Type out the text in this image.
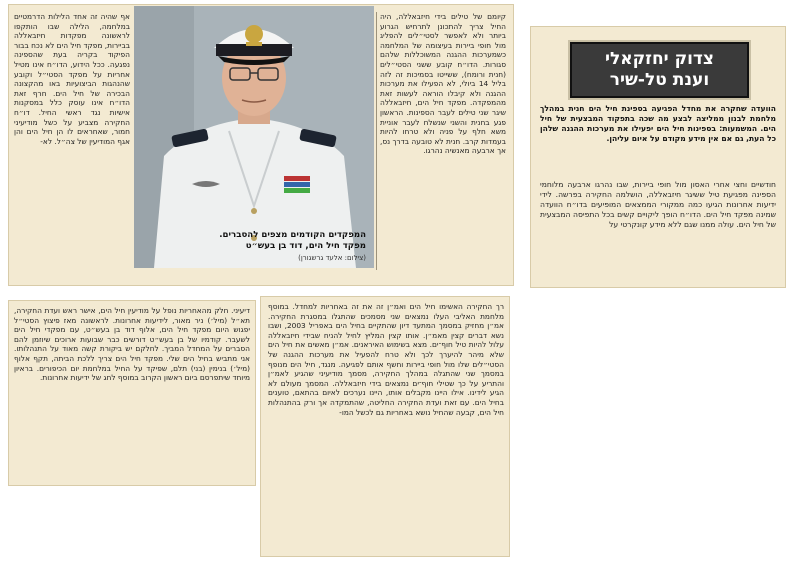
קיומם של טילים בידי חיזבאללה, היה החיל צריך להתכונן לתרחיש הגרוע ביותר ולא לאפשר לסטי״לים להפליג מול חופי ביירות בעיצומה של המלחמה כשמערכות ההגנה המשוכללות שלהם סגורות. הדו״ח קובע ששני הסטי״לים (חנית ורומח), ששייטו בסמיכות זה לזה בליל 14 ביולי, לא הפעילו את מערכות ההגנה ולא קיבלו הוראה לעשות זאת מהמפקדה. מפקד חיל הים, חיזבאללה שיגר שני טילים לעבר הספינות. הראשון פגע בחנית והשני שנשלח לעבר אוניית משא חלף על פניה ולא טרחו להיות בעמדות קרב. חנית לא טובעה בדרך נס, אך ארבעה מאנשיה נהרגו.

אף שהיה זה אחד הלילות הדרמטיים במלחמה, הלילה שבו הותקפו לראשונה מפקדות חיזבאללה בביירות, מפקד חיל הים לא נכח בבור הפיקוד בקריה בעת שהספינה נפגעה. ככל הידוע, הדו״ח אינו מטיל אחריות על מפקד הסטי״ל וקובע שהנהגות הביצועיות באו מהקצונה הבכירה של חיל הים. חרף זאת הדו״ח אינו עוסק כלל במסקנות אישיות נגד ראשי החיל. דו״ח החקירה מצביע על כשל מודיעיני חמור, שאחראים לו הן חיל הים והן אגף המודיעין של צה״ל. לא-

המפקדים הקודמים מצפים להסברים.
מפקד חיל הים, דוד בן בעש״ט
(צילום: אלעד גרשגורן)
צדוק יחזקאלי
וענת טל-שיר
הוועדה שחקרה את מחדל הפגיעה בספינת חיל הים חנית במהלך מלחמת לבנון ממליצה לבצע מה שכה בתפקוד המבצעית של חיל הים. המשמעות: בספינות חיל הים יפעילו את מערכות ההגנה שלהן כל העת, גם אם אין מידע מקודם על איום עליהן.

חודשיים וחצי אחרי האסון מול חופי ביירות, שבו נהרגו ארבעה מלוחמי הספינה מפגיעת טיל ששיגר חיזבאללה, הושלמה החקירה בפרשה. לידי ידיעות אחרונות הגיעו כמה ממקורי הממצאים המופיעים בדו״ח הוועדה שמינה מפקד חיל הים. הדו״ח הופך ליקויים קשים בכל התפיסה המבצעית של חיל הים. עולה ממנו שגם ללא מידע קונקרטי על

רך החקירה האשימו חיל הים ואמ״ן זה את זה באחריות למחדל. במוסף מלחמת האליבי העלו נמצאים שני מסמכים שהתגלו במסגרת החקירה. אמ״ן מחזיק במסמך המתעד דיון שהתקיים בחיל הים באפריל 2003, ושבו נשא דברים קצין מאמ״ן. אותו קצין המליץ לחיל להניח שבידי חיזבאללה עלול להיות טיל חוף־ים. מצא בשימוש האיראנים. אמ״ן מאשים את חיל הים שלא מיהר להיערך לכך ולא טרח להפעיל את מערכות ההגנה של הסטי״לים שלו מול חופי ביירות וחשף אותם לפגיעה. מנגד, חיל הים מנופף במסמך שני שהתגלה במהלך החקירה, מסמך מודיעיני שהגיע לאמ״ן והתריע על כך שטילי חוף־ים נמצאים בידי חיזבאללה. המסמך מעולם לא הגיע לידינו. אילו היינו מקבלים אותו, היינו נערכים לאיום בהתאם, טוענים בחיל הים. עם זאת ועדת החקירה החליטה, שהתמקדה אך ורק בהתנהלות חיל הים, קבעה שהחיל נושא באחריות גם לכשל המו-

דיעיני. חלק מהאחריות נופל על מודיעין חיל הים, אישר ראש ועדת החקירה, תא״ל (מיל׳) ניר מאור, לידיעות אחרונות. לראשונה מאז פיצוץ הסטי״ל יפגוש היום מפקד חיל הים, אלוף דוד בן בעש״ט, עם מפקדי חיל הים לשעבר. קודמיו של בן בעש״ט דורשים כבר שבועות ארוכים שיוזמן להם הסברים על המחדל המביך. לחלקם יש ביקורת קשה מאוד על התנהלותו. אני מתביש בחיל הים שלי. מפקד חיל הים צריך ללכת הביתה, תקף אלוף (מיל׳) בנימין (בני) תלם, שפיקד על החיל במלחמת יום הכיפורים. בראיון מיוחד שיתפרסם ביום ראשון הקרוב במוסף לחג של ידיעות אחרונות.
